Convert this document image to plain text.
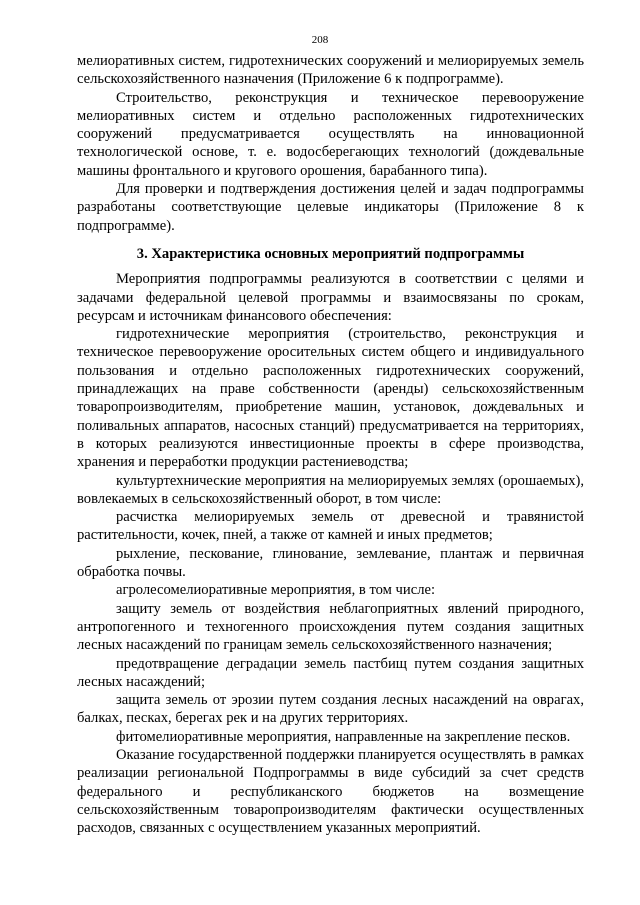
208

мелиоративных систем, гидротехнических сооружений и мелиорируемых земель сельскохозяйственного назначения (Приложение 6 к подпрограмме).

Строительство, реконструкция и техническое перевооружение мелиоративных систем и отдельно расположенных гидротехнических сооружений предусматривается осуществлять на инновационной технологической основе, т. е. водосберегающих технологий (дождевальные машины фронтального и кругового орошения, барабанного типа).

Для проверки и подтверждения достижения целей и задач подпрограммы разработаны соответствующие целевые индикаторы (Приложение 8 к подпрограмме).

3. Характеристика основных мероприятий подпрограммы

Мероприятия подпрограммы реализуются в соответствии с целями и задачами федеральной целевой программы и взаимосвязаны по срокам, ресурсам и источникам финансового обеспечения:

гидротехнические мероприятия (строительство, реконструкция и техническое перевооружение оросительных систем общего и индивидуального пользования и отдельно расположенных гидротехнических сооружений, принадлежащих на праве собственности (аренды) сельскохозяйственным товаропроизводителям, приобретение машин, установок, дождевальных и поливальных аппаратов, насосных станций) предусматривается на территориях, в которых реализуются инвестиционные проекты в сфере производства, хранения и переработки продукции растениеводства;

культуртехнические мероприятия на мелиорируемых землях (орошаемых), вовлекаемых в сельскохозяйственный оборот, в том числе:

расчистка мелиорируемых земель от древесной и травянистой растительности, кочек, пней, а также от камней и иных предметов;

рыхление, пескование, глинование, землевание, плантаж и первичная обработка почвы.

агролесомелиоративные мероприятия, в том числе:

защиту земель от воздействия неблагоприятных явлений природного, антропогенного и техногенного происхождения путем создания защитных лесных насаждений по границам земель сельскохозяйственного назначения;

предотвращение деградации земель пастбищ путем создания защитных лесных насаждений;

защита земель от эрозии путем создания лесных насаждений на оврагах, балках, песках, берегах рек и на других территориях.

фитомелиоративные мероприятия, направленные на закрепление песков.

Оказание государственной поддержки планируется осуществлять в рамках реализации региональной Подпрограммы в виде субсидий за счет средств федерального и республиканского бюджетов на возмещение сельскохозяйственным товаропроизводителям фактически осуществленных расходов, связанных с осуществлением указанных мероприятий.
